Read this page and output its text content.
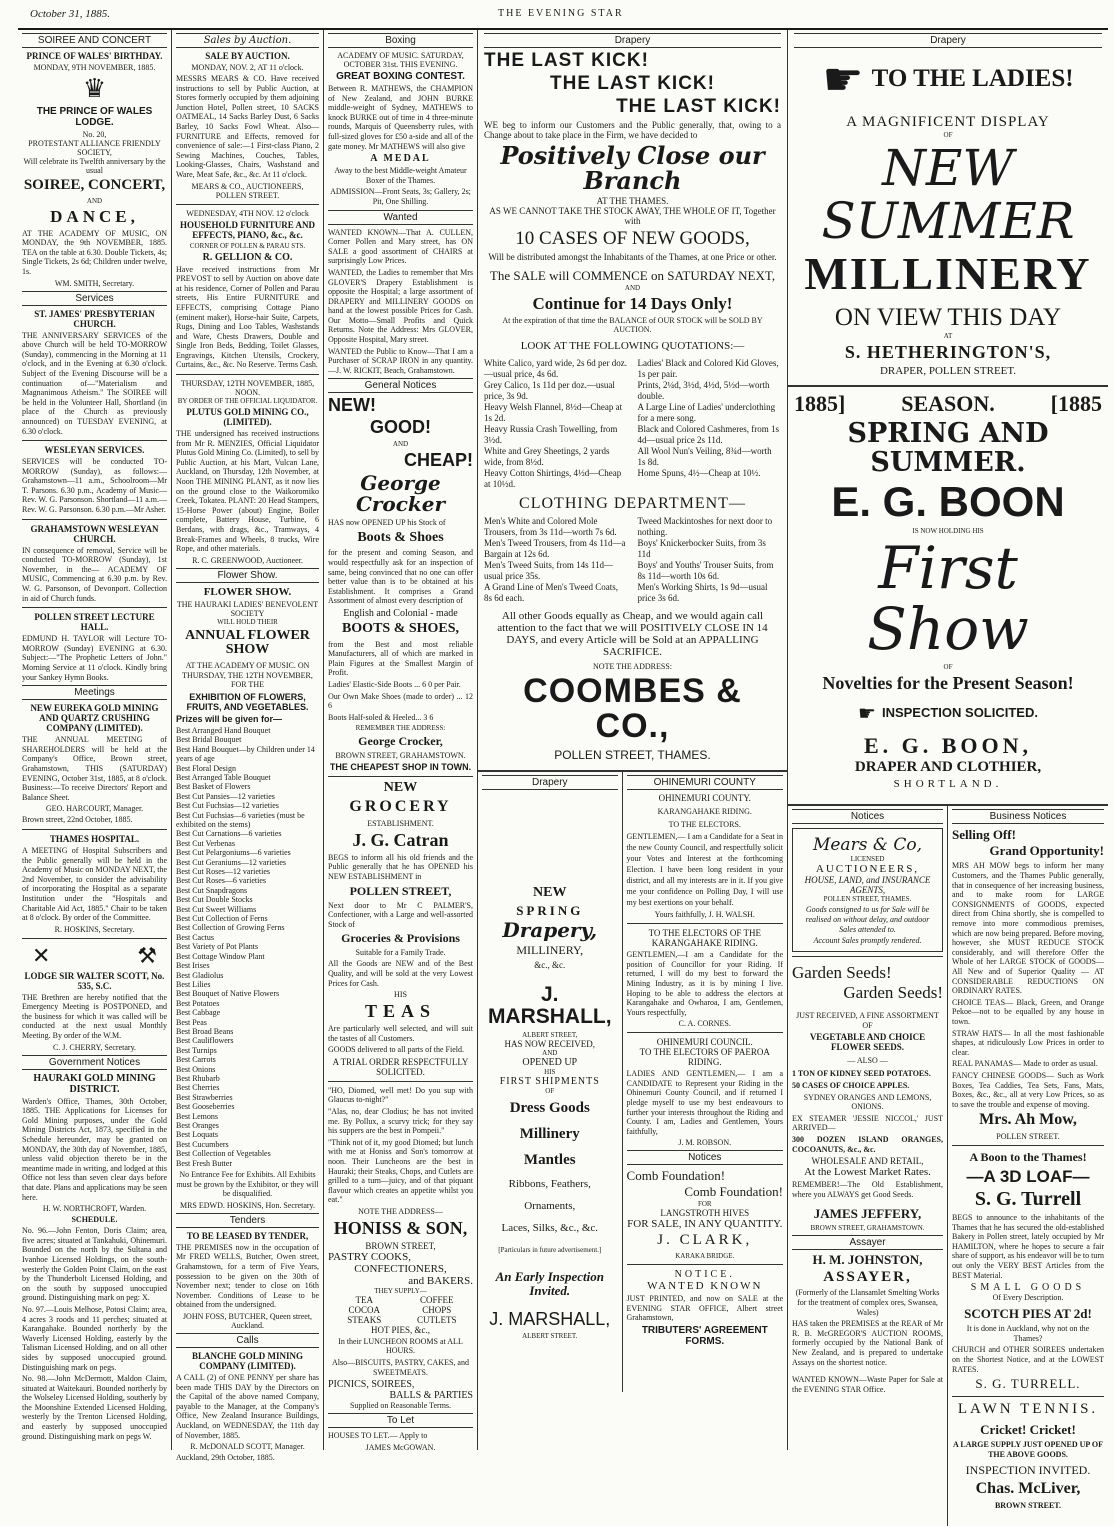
October 31, 1885.	THE EVENING STAR
SOIREE AND CONCERT
PRINCE OF WALES' BIRTHDAY.
MONDAY, 9TH NOVEMBER, 1885.
♛
THE PRINCE OF WALES LODGE.
No. 20,
PROTESTANT ALLIANCE FRIENDLY SOCIETY,
Will celebrate its Twelfth anniversary by the usual
SOIREE, CONCERT,
AND
DANCE,
AT THE ACADEMY OF MUSIC, ON MONDAY, the 9th NOVEMBER, 1885. TEA on the table at 6.30. Double Tickets, 4s; Single Tickets, 2s 6d; Children under twelve, 1s.
WM. SMITH, Secretary.
Services
ST. JAMES' PRESBYTERIAN CHURCH.
THE ANNIVERSARY SERVICES of the above Church will be held TO-MORROW (Sunday), commencing in the Morning at 11 o'clock, and in the Evening at 6.30 o'clock. Subject of the Evening Discourse will be a continuation of—"Materialism and Magnanimous Atheism." The SOIREE will be held in the Volunteer Hall, Shortland (in place of the Church as previously announced) on TUESDAY EVENING, at 6.30 o'clock.
WESLEYAN SERVICES.
SERVICES will be conducted TO-MORROW (Sunday), as follows:— Grahamstown—11 a.m., Schoolroom—Mr T. Parsons. 6.30 p.m., Academy of Music—Rev. W. G. Parsonson. Shortland—11 a.m.—Rev. W. G. Parsonson. 6.30 p.m.—Mr Asher.
GRAHAMSTOWN WESLEYAN CHURCH.
IN consequence of removal, Service will be conducted TO-MORROW (Sunday), 1st November, in the— ACADEMY OF MUSIC, Commencing at 6.30 p.m. by Rev. W. G. Parsonson, of Devonport. Collection in aid of Church funds.
POLLEN STREET LECTURE HALL.
EDMUND H. TAYLOR will Lecture TO-MORROW (Sunday) EVENING at 6.30. Subject:—"The Prophetic Letters of John." Morning Service at 11 o'clock. Kindly bring your Sankey Hymn Books.
Meetings
NEW EUREKA GOLD MINING AND QUARTZ CRUSHING COMPANY (LIMITED).
THE ANNUAL MEETING of SHAREHOLDERS will be held at the Company's Office, Brown street, Grahamstown, THIS (SATURDAY) EVENING, October 31st, 1885, at 8 o'clock. Business:—To receive Directors' Report and Balance Sheet.
GEO. HARCOURT, Manager.
Brown street, 22nd October, 1885.
THAMES HOSPITAL.
A MEETING of Hospital Subscribers and the Public generally will be held in the Academy of Music on MONDAY NEXT, the 2nd November, to consider the advisability of incorporating the Hospital as a separate Institution under the "Hospitals and Charitable Aid Act, 1885." Chair to be taken at 8 o'clock. By order of the Committee.
R. HOSKINS, Secretary.
✕	⚒
LODGE SIR WALTER SCOTT, No. 535, S.C.
THE Brethren are hereby notified that the Emergency Meeting is POSTPONED, and the business for which it was called will be conducted at the next usual Monthly Meeting. By order of the W.M.
C. J. CHERRY, Secretary.
Government Notices
HAURAKI GOLD MINING DISTRICT.
Warden's Office, Thames, 30th October, 1885. THE Applications for Licenses for Gold Mining purposes, under the Gold Mining Districts Act, 1873, specified in the Schedule hereunder, may be granted on MONDAY, the 30th day of November, 1885, unless valid objection thereto be in the meantime made in writing, and lodged at this Office not less than seven clear days before that date. Plans and applications may be seen here.
H. W. NORTHCROFT, Warden.
SCHEDULE.
No. 96.—John Fenton, Doris Claim; area, five acres; situated at Tankahuki, Ohinemuri. Bounded on the north by the Sultana and Ivanhoe Licensed Holdings, on the south-westerly the Golden Point Claim, on the east by the Thunderbolt Licensed Holding, and on the south by supposed unoccupied ground. Distinguishing mark on peg: X.
No. 97.—Louis Melhose, Potosi Claim; area, 4 acres 3 roods and 11 perches; situated at Karangahake. Bounded northerly by the Waverly Licensed Holding, easterly by the Talisman Licensed Holding, and on all other sides by supposed unoccupied ground. Distinguishing mark on pegs.
No. 98.—John McDermott, Maldon Claim, situated at Waitekauri. Bounded northerly by the Wolseley Licensed Holding, southerly by the Moonshine Extended Licensed Holding, westerly by the Trenton Licensed Holding, and easterly by supposed unoccupied ground. Distinguishing mark on pegs W.
Sales by Auction.
SALE BY AUCTION.
MONDAY, NOV. 2, AT 11 o'clock.
MESSRS MEARS & CO. Have received instructions to sell by Public Auction, at Stores formerly occupied by them adjoining Junction Hotel, Pollen street, 10 SACKS OATMEAL, 14 Sacks Barley Dust, 6 Sacks Barley, 10 Sacks Fowl Wheat. Also—FURNITURE and Effects, removed for convenience of sale:—1 First-class Piano, 2 Sewing Machines, Couches, Tables, Looking-Glasses, Chairs, Washstand and Ware, Meat Safe, &c., &c. At 11 o'clock.
MEARS & CO., AUCTIONEERS, POLLEN STREET.
WEDNESDAY, 4TH NOV. 12 o'clock
HOUSEHOLD FURNITURE AND EFFECTS, PIANO, &c., &c.
CORNER OF POLLEN & PARAU STS.
R. GELLION & CO.
Have received instructions from Mr PREVOST to sell by Auction on above date at his residence, Corner of Pollen and Parau streets, His Entire FURNITURE and EFFECTS, comprising Cottage Piano (eminent maker), Horse-hair Suite, Carpets, Rugs, Dining and Loo Tables, Washstands and Ware, Chests Drawers, Double and Single Iron Beds, Bedding, Toilet Glasses, Engravings, Kitchen Utensils, Crockery, Curtains, &c., &c. No Reserve. Terms Cash.
THURSDAY, 12TH NOVEMBER, 1885, NOON.
BY ORDER OF THE OFFICIAL LIQUIDATOR.
PLUTUS GOLD MINING CO., (LIMITED).
THE undersigned has received instructions from Mr R. MENZIES, Official Liquidator Plutus Gold Mining Co. (Limited), to sell by Public Auction, at his Mart, Vulcan Lane, Auckland, on Thursday, 12th November, at Noon THE MINING PLANT, as it now lies on the ground close to the Waikoromiko Creek, Tokatea. PLANT: 20 Head Stampers, 15-Horse Power (about) Engine, Boiler complete, Battery House, Turbine, 6 Berdans, with drags, &c., Tramways, 4 Break-Frames and Wheels, 8 trucks, Wire Rope, and other materials.
R. C. GREENWOOD, Auctioneer.
Flower Show.
FLOWER SHOW.
THE HAURAKI LADIES' BENEVOLENT SOCIETY
WILL HOLD THEIR
ANNUAL FLOWER SHOW
AT THE ACADEMY OF MUSIC. ON THURSDAY, THE 12TH NOVEMBER, FOR THE
EXHIBITION OF FLOWERS, FRUITS, AND VEGETABLES.
Prizes will be given for—
Best Arranged Hand Bouquet
Best Bridal Bouquet
Best Hand Bouquet—by Children under 14 years of age
Best Floral Design
Best Arranged Table Bouquet
Best Basket of Flowers
Best Cut Pansies—12 varieties
Best Cut Fuchsias—12 varieties
Best Cut Fuchsias—6 varieties (must be exhibited on the stems)
Best Cut Carnations—6 varieties
Best Cut Verbenas
Best Cut Pelargoniums—6 varieties
Best Cut Geraniums—12 varieties
Best Cut Roses—12 varieties
Best Cut Roses—6 varieties
Best Cut Snapdragons
Best Cut Double Stocks
Best Cut Sweet Williams
Best Cut Collection of Ferns
Best Collection of Growing Ferns
Best Cactus
Best Variety of Pot Plants
Best Cottage Window Plant
Best Irises
Best Gladiolus
Best Lilies
Best Bouquet of Native Flowers
Best Potatoes
Best Cabbage
Best Peas
Best Broad Beans
Best Cauliflowers
Best Turnips
Best Carrots
Best Onions
Best Rhubarb
Best Cherries
Best Strawberries
Best Gooseberries
Best Lemons
Best Oranges
Best Loquats
Best Cucumbers
Best Collection of Vegetables
Best Fresh Butter
No Entrance Fee for Exhibits. All Exhibits must be grown by the Exhibitor, or they will be disqualified.
MRS EDWD. HOSKINS, Hon. Secretary.
Tenders
TO BE LEASED BY TENDER,
THE PREMISES now in the occupation of Mr FRED WELLS, Butcher, Owen street, Grahamstown, for a term of Five Years, possession to be given on the 30th of November next; tender to close on 16th November. Conditions of Lease to be obtained from the undersigned.
JOHN FOSS, BUTCHER, Queen street, Auckland.
Calls
BLANCHE GOLD MINING COMPANY (LIMITED).
A CALL (2) of ONE PENNY per share has been made THIS DAY by the Directors on the Capital of the above named Company, payable to the Manager, at the Company's Office, New Zealand Insurance Buildings, Auckland, on WEDNESDAY, the 11th day of November, 1885.
R. McDONALD SCOTT, Manager.
Auckland, 29th October, 1885.
Boxing
ACADEMY OF MUSIC. SATURDAY, OCTOBER 31st. THIS EVENING.
GREAT BOXING CONTEST.
Between R. MATHEWS, the CHAMPION of New Zealand, and JOHN BURKE middle-weight of Sydney, MATHEWS to knock BURKE out of time in 4 three-minute rounds, Marquis of Queensberry rules, with full-sized gloves for £50 a-side and all of the gate money. Mr MATHEWS will also give
A MEDAL
Away to the best Middle-weight Amateur Boxer of the Thames.
ADMISSION—Front Seats, 3s; Gallery, 2s; Pit, One Shilling.
Wanted
WANTED KNOWN—That A. CULLEN, Corner Pollen and Mary street, has ON SALE a good assortment of CHAIRS at surprisingly Low Prices.
WANTED, the Ladies to remember that Mrs GLOVER'S Drapery Establishment is opposite the Hospital; a large assortment of DRAPERY and MILLINERY GOODS on hand at the lowest possible Prices for Cash. Our Motto—Small Profits and Quick Returns. Note the Address: Mrs GLOVER, Opposite Hospital, Mary street.
WANTED the Public to Know—That I am a Purchaser of SCRAP IRON in any quantity.—J. W. RICKIT, Beach, Grahamstown.
General Notices
NEW!
GOOD!
AND
CHEAP!
George Crocker
HAS now OPENED UP his Stock of
Boots & Shoes
for the present and coming Season, and would respectfully ask for an inspection of same, being convinced that no one can offer better value than is to be obtained at his Establishment. It comprises a Grand Assortment of almost every description of
English and Colonial - made
BOOTS & SHOES,
from the Best and most reliable Manufacturers, all of which are marked in Plain Figures at the Smallest Margin of Profit.
Ladies' Elastic-Side Boots ... 6 0 per Pair.
Our Own Make Shoes (made to order) ... 12 6
Boots Half-soled & Heeled... 3 6
REMEMBER THE ADDRESS:
George Crocker,
BROWN STREET, GRAHAMSTOWN.
THE CHEAPEST SHOP IN TOWN.
NEW
GROCERY
ESTABLISHMENT.
J. G. Catran
BEGS to inform all his old friends and the Public generally that he has OPENED his NEW ESTABLISHMENT in
POLLEN STREET,
Next door to Mr C PALMER'S, Confectioner, with a Large and well-assorted Stock of
Groceries & Provisions
Suitable for a Family Trade.
All the Goods are NEW and of the Best Quality, and will be sold at the very Lowest Prices for Cash.
HIS
TEAS
Are particularly well selected, and will suit the tastes of all Customers.
GOODS delivered to all parts of the Field.
A TRIAL ORDER RESPECTFULLY SOLICITED.
"HO, Diomed, well met! Do you sup with Glaucus to-night?"
"Alas, no, dear Clodius; he has not invited me. By Pollux, a scurvy trick; for they say his suppers are the best in Pompeii."
"Think not of it, my good Diomed; but lunch with me at Honiss and Son's tomorrow at noon. Their Luncheons are the best in Hauraki; their Steaks, Chops, and Cutlets are grilled to a turn—juicy, and of that piquant flavour which creates an appetite whilst you eat."
NOTE THE ADDRESS—
HONISS & SON,
BROWN STREET,
PASTRY COOKS,
CONFECTIONERS,
and BAKERS.
THEY SUPPLY—
TEA	COFFEE
COCOA	CHOPS
STEAKS	CUTLETS
HOT PIES, &c.,
In their LUNCHEON ROOMS at ALL HOURS.
Also—BISCUITS, PASTRY, CAKES, and SWEETMEATS.
PICNICS, SOIREES,
BALLS & PARTIES
Supplied on Reasonable Terms.
To Let
HOUSES TO LET.— Apply to
JAMES McGOWAN.
Drapery
THE LAST KICK!
THE LAST KICK!
THE LAST KICK!
WE beg to inform our Customers and the Public generally, that, owing to a Change about to take place in the Firm, we have decided to
Positively Close our Branch
AT THE THAMES.
AS WE CANNOT TAKE THE STOCK AWAY, THE WHOLE OF IT, Together with
10 CASES OF NEW GOODS,
Will be distributed amongst the Inhabitants of the Thames, at one Price or other.
The SALE will COMMENCE on SATURDAY NEXT,
AND
Continue for 14 Days Only!
At the expiration of that time the BALANCE of OUR STOCK will be SOLD BY AUCTION.
LOOK AT THE FOLLOWING QUOTATIONS:—
White Calico, yard wide, 2s 6d per doz.—usual price, 4s 6d.
Grey Calico, 1s 11d per doz.—usual price, 3s 9d.
Heavy Welsh Flannel, 8½d—Cheap at 1s 2d.
Heavy Russia Crash Towelling, from 3½d.
White and Grey Sheetings, 2 yards wide, from 8½d.
Heavy Cotton Shirtings, 4½d—Cheap at 10½d.
Ladies' Black and Colored Kid Gloves, 1s per pair.
Prints, 2¼d, 3½d, 4½d, 5½d—worth double.
A Large Line of Ladies' underclothing for a mere song.
Black and Colored Cashmeres, from 1s 4d—usual price 2s 11d.
All Wool Nun's Veiling, 8¾d—worth 1s 8d.
Home Spuns, 4½—Cheap at 10½.
CLOTHING DEPARTMENT—
Men's White and Colored Mole Trousers, from 3s 11d—worth 7s 6d.
Men's Tweed Trousers, from 4s 11d—a Bargain at 12s 6d.
Men's Tweed Suits, from 14s 11d—usual price 35s.
A Grand Line of Men's Tweed Coats, 8s 6d each.
Tweed Mackintoshes for next door to nothing.
Boys' Knickerbocker Suits, from 3s 11d
Boys' and Youths' Trouser Suits, from 8s 11d—worth 10s 6d.
Men's Working Shirts, 1s 9d—usual price 3s 6d.
All other Goods equally as Cheap, and we would again call attention to the fact that we will POSITIVELY CLOSE IN 14 DAYS, and every Article will be Sold at an APPALLING SACRIFICE.
NOTE THE ADDRESS:
COOMBES & CO.,
POLLEN STREET, THAMES.
Drapery
NEW
SPRING
Drapery,
MILLINERY,
&c., &c.
J. MARSHALL,
ALBERT STREET,
HAS NOW RECEIVED,
AND
OPENED UP
HIS
FIRST SHIPMENTS
OF
Dress Goods
Millinery
Mantles
Ribbons, Feathers,
Ornaments,
Laces, Silks, &c., &c.
[Particulars in future advertisement.]
An Early Inspection Invited.
J. MARSHALL,
ALBERT STREET.
OHINEMURI COUNTY
OHINEMURI COUNTY.
KARANGAHAKE RIDING.
TO THE ELECTORS.
GENTLEMEN,— I am a Candidate for a Seat in the new County Council, and respectfully solicit your Votes and Interest at the forthcoming Election. I have been long resident in your district, and all my interests are in it. If you give me your confidence on Polling Day, I will use my best exertions on your behalf.
Yours faithfully, J. H. WALSH.
TO THE ELECTORS OF THE KARANGAHAKE RIDING.
GENTLEMEN,—I am a Candidate for the position of Councillor for your Riding. If returned, I will do my best to forward the Mining Industry, as it is by mining I live. Hoping to be able to address the electors at Karangahake and Owharoa, I am, Gentlemen, Yours respectfully,
C. A. CORNES.
OHINEMURI COUNCIL.
TO THE ELECTORS OF PAEROA RIDING.
LADIES AND GENTLEMEN,— I am a CANDIDATE to Represent your Riding in the Ohinemuri County Council, and if returned I pledge myself to use my best endeavours to further your interests throughout the Riding and County. I am, Ladies and Gentlemen, Yours faithfully,
J. M. ROBSON.
Notices
Comb Foundation!
Comb Foundation!
FOR
LANGSTROTH HIVES
FOR SALE, IN ANY QUANTITY.
J. CLARK,
KARAKA BRIDGE.
NOTICE.
WANTED KNOWN
JUST PRINTED, and now on SALE at the EVENING STAR OFFICE, Albert street Grahamstown,
TRIBUTERS' AGREEMENT FORMS.
Drapery
☛ TO THE LADIES!
A MAGNIFICENT DISPLAY
OF
NEW SUMMER
MILLINERY
ON VIEW THIS DAY
AT
S. HETHERINGTON'S,
DRAPER, POLLEN STREET.
1885]	SEASON.	[1885
SPRING AND SUMMER.
E. G. BOON
IS NOW HOLDING HIS
First Show
OF
Novelties for the Present Season!
☛ INSPECTION SOLICITED.
E. G. BOON,
DRAPER AND CLOTHIER,
SHORTLAND.
Notices
Mears & Co,
LICENSED
AUCTIONEERS,
HOUSE, LAND, and INSURANCE AGENTS,
POLLEN STREET, THAMES.
Goods consigned to us for Sale will be realised on without delay, and outdoor Sales attended to.
Account Sales promptly rendered.
Garden Seeds!
Garden Seeds!
JUST RECEIVED, A FINE ASSORTMENT OF
VEGETABLE AND CHOICE FLOWER SEEDS.
— ALSO —
1 TON OF KIDNEY SEED POTATOES.
50 CASES OF CHOICE APPLES.
SYDNEY ORANGES AND LEMONS, ONIONS.
EX STEAMER 'JESSIE NICCOL,' JUST ARRIVED—
300 DOZEN ISLAND ORANGES, COCOANUTS, &c., &c.
WHOLESALE AND RETAIL,
At the Lowest Market Rates.
REMEMBER!—The Old Establishment, where you ALWAYS get Good Seeds.
JAMES JEFFERY,
BROWN STREET, GRAHAMSTOWN.
Assayer
H. M. JOHNSTON,
ASSAYER,
(Formerly of the Llansamlet Smelting Works for the treatment of complex ores, Swansea, Wales)
HAS taken the PREMISES at the REAR of Mr R. B. McGREGOR'S AUCTION ROOMS, formerly occupied by the National Bank of New Zealand, and is prepared to undertake Assays on the shortest notice.
WANTED KNOWN—Waste Paper for Sale at the EVENING STAR Office.
Business Notices
Selling Off!
Grand Opportunity!
MRS AH MOW begs to inform her many Customers, and the Thames Public generally, that in consequence of her increasing business, and to make room for LARGE CONSIGNMENTS of GOODS, expected direct from China shortly, she is compelled to remove into more commodious premises, which are now being prepared. Before moving, however, she MUST REDUCE STOCK considerably, and will therefore Offer the Whole of her LARGE STOCK of GOODS—All New and of Superior Quality — AT CONSIDERABLE REDUCTIONS ON ORDINARY RATES.
CHOICE TEAS— Black, Green, and Orange Pekoe—not to be equalled by any house in town.
STRAW HATS— In all the most fashionable shapes, at ridiculously Low Prices in order to clear.
REAL PANAMAS— Made to order as usual.
FANCY CHINESE GOODS— Such as Work Boxes, Tea Caddies, Tea Sets, Fans, Mats, Boxes, &c., &c., all at very Low Prices, so as to save the trouble and expense of moving.
Mrs. Ah Mow,
POLLEN STREET.
A Boon to the Thames!
—A 3D LOAF—
S. G. Turrell
BEGS to announce to the inhabitants of the Thames that he has secured the old-established Bakery in Pollen street, lately occupied by Mr HAMILTON, where he hopes to secure a fair share of support, as his endeavor will be to turn out only the VERY BEST Articles from the BEST Material.
SMALL GOODS
Of Every Description.
SCOTCH PIES AT 2d!
It is done in Auckland, why not on the Thames?
CHURCH and OTHER SOIREES undertaken on the Shortest Notice, and at the LOWEST RATES.
S. G. TURRELL.
LAWN TENNIS.
Cricket! Cricket!
A LARGE SUPPLY JUST OPENED UP OF THE ABOVE GOODS.
INSPECTION INVITED.
Chas. McLiver,
BROWN STREET.
